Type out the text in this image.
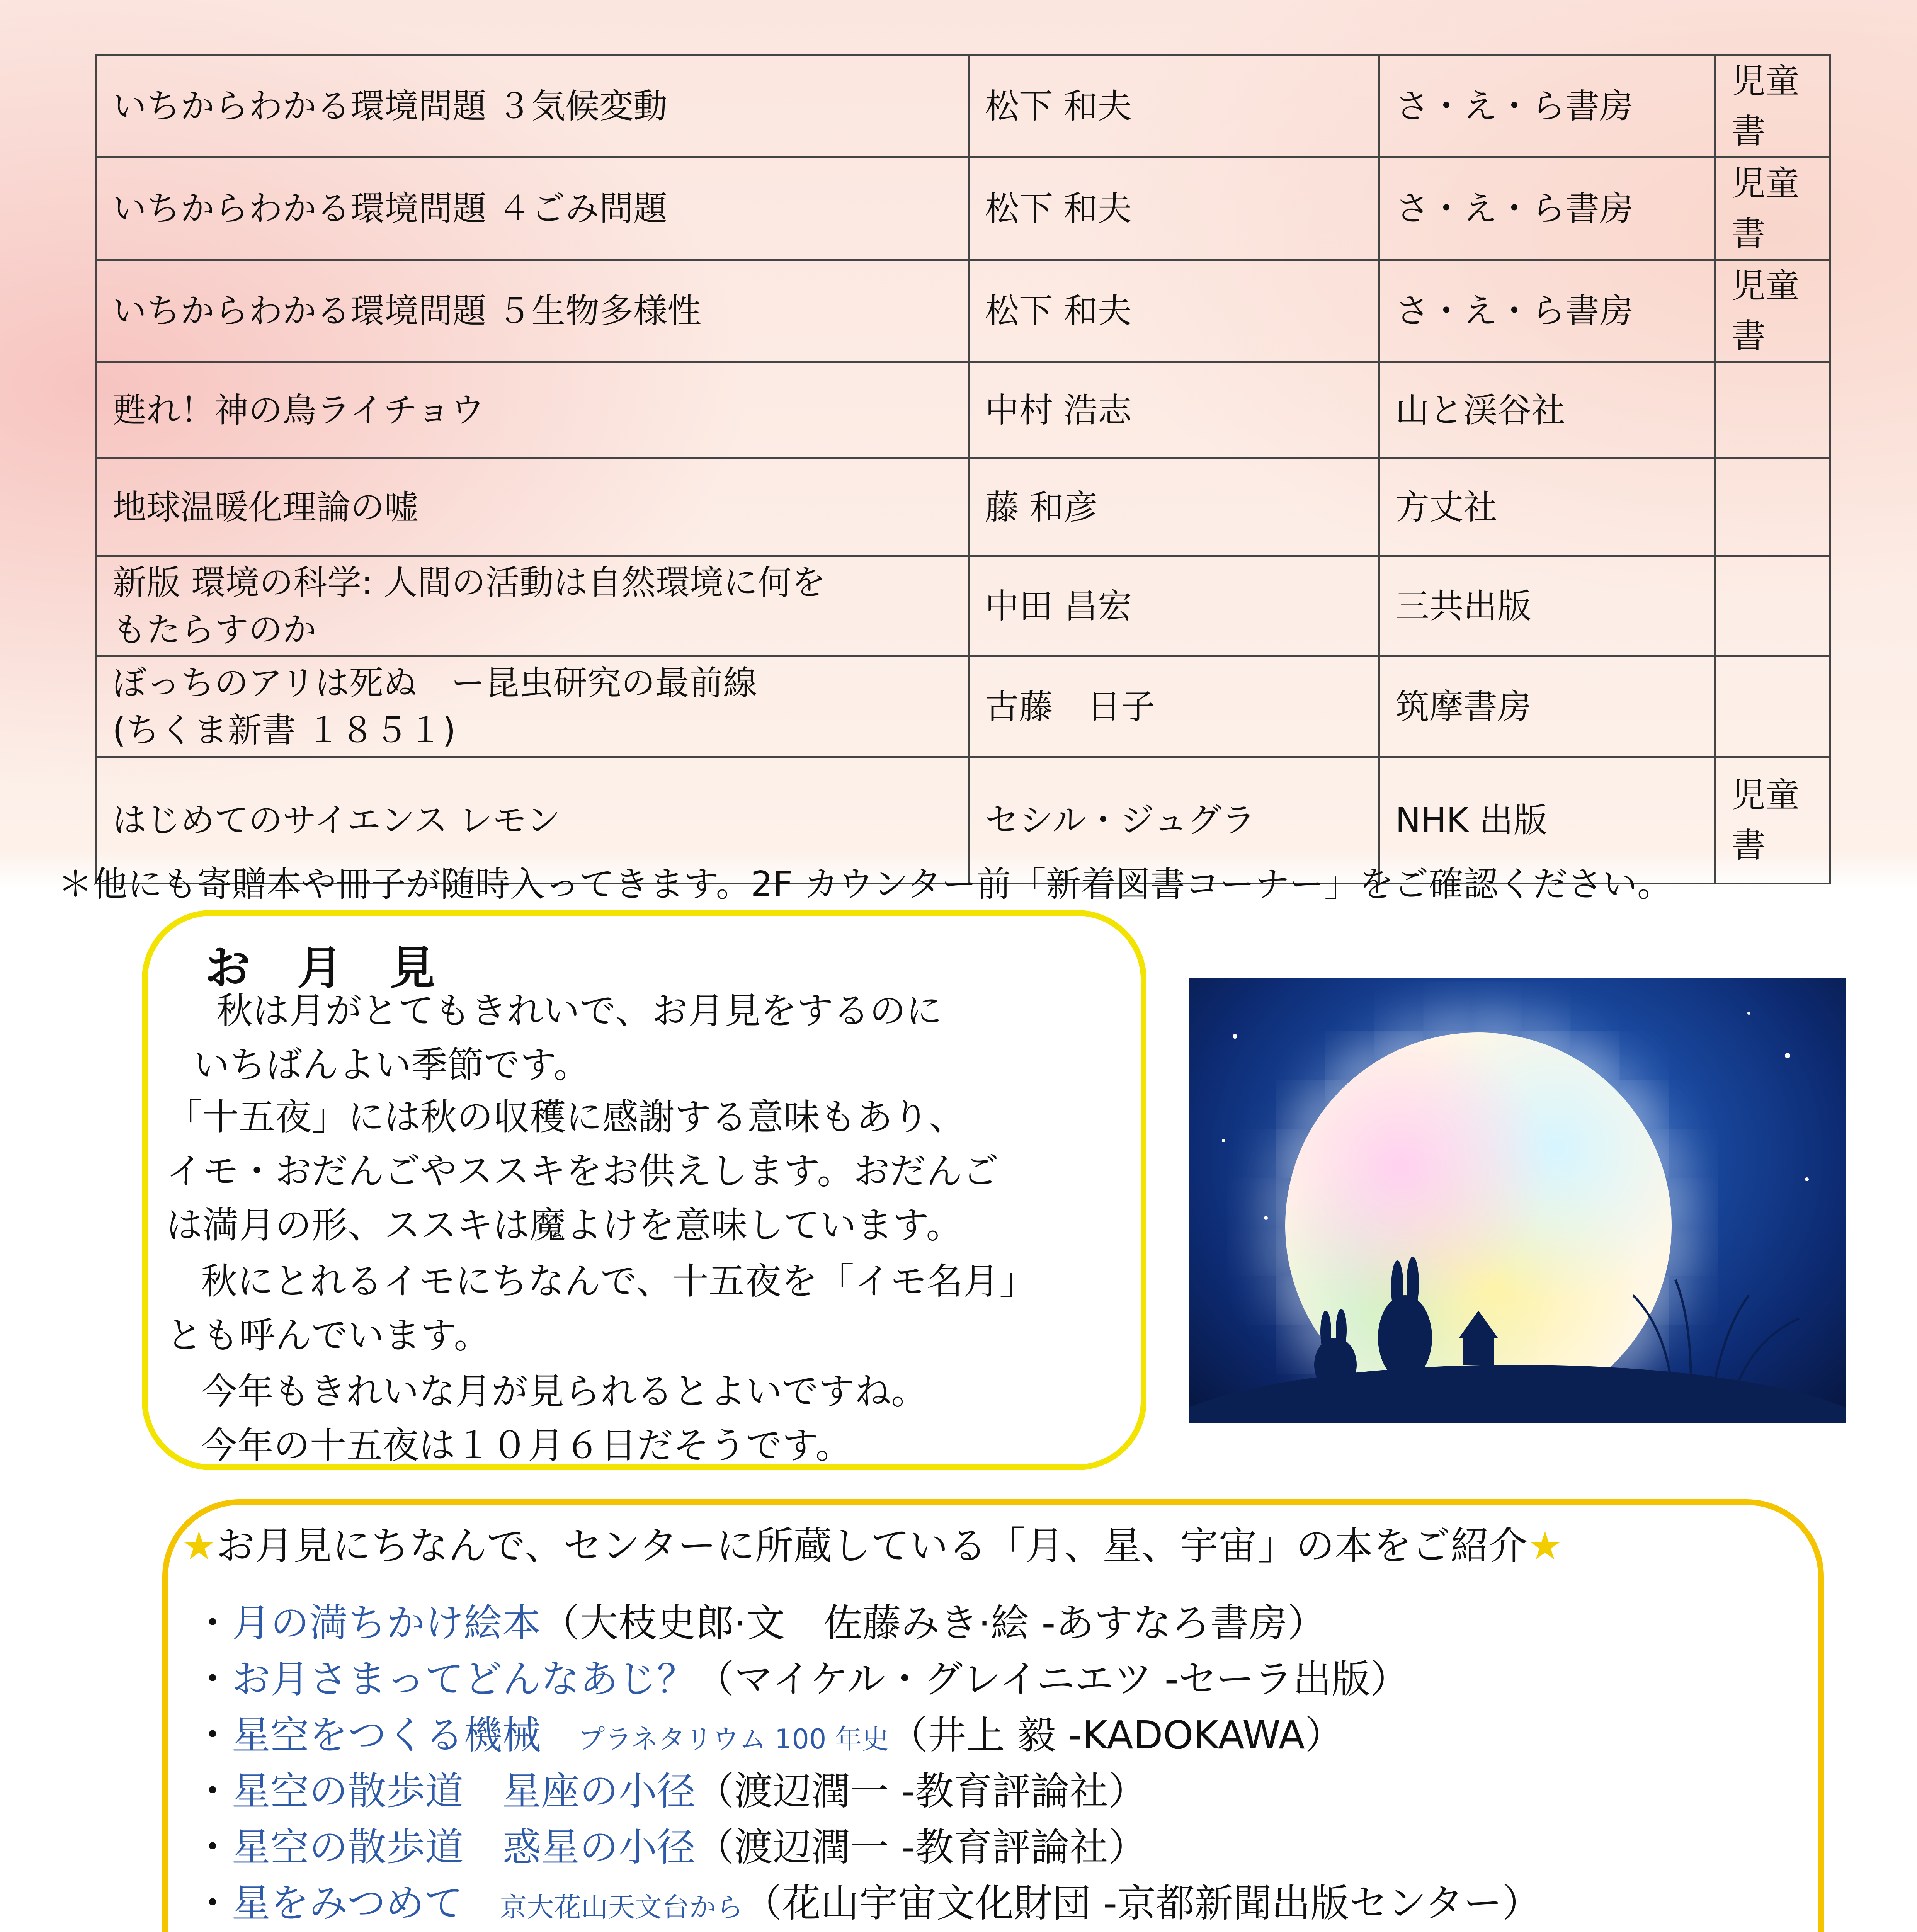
いちからわかる環境問題 ３気候変動	松下 和夫	さ・え・ら書房	児童書
いちからわかる環境問題 ４ごみ問題	松下 和夫	さ・え・ら書房	児童書
いちからわかる環境問題 ５生物多様性	松下 和夫	さ・え・ら書房	児童書
甦れ！神の鳥ライチョウ	中村 浩志	山と渓谷社	
地球温暖化理論の嘘	藤 和彦	方丈社	

新版 環境の科学: 人間の活動は自然環境に何を
もたらすのか	中田 昌宏	三共出版	

ぼっちのアリは死ぬ　ー昆虫研究の最前線
(ちくま新書 １８５１)	古藤　日子	筑摩書房	
はじめてのサイエンス レモン	セシル・ジュグラ	NHK 出版	児童書
＊他にも寄贈本や冊子が随時入ってきます。2F カウンター前「新着図書コーナー」をご確認ください。
お 月 見
秋は月がとてもきれいで、お月見をするのに
いちばんよい季節です。
「十五夜」には秋の収穫に感謝する意味もあり、
イモ・おだんごやススキをお供えします。おだんご
は満月の形、ススキは魔よけを意味しています。
秋にとれるイモにちなんで、十五夜を「イモ名月」
とも呼んでいます。
今年もきれいな月が見られるとよいですね。
今年の十五夜は１０月６日だそうです。
★お月見にちなんで、センターに所蔵している「月、星、宇宙」の本をご紹介★
・月の満ちかけ絵本（大枝史郎·文　佐藤みき·絵 -あすなろ書房）
・お月さまってどんなあじ？（マイケル・グレイニエツ -セーラ出版）
・星空をつくる機械 プラネタリウム 100 年史（井上 毅 -KADOKAWA）
・星空の散歩道　星座の小径（渡辺潤一 -教育評論社）
・星空の散歩道　惑星の小径（渡辺潤一 -教育評論社）
・星をみつめて 京大花山天文台から（花山宇宙文化財団 -京都新聞出版センター）
